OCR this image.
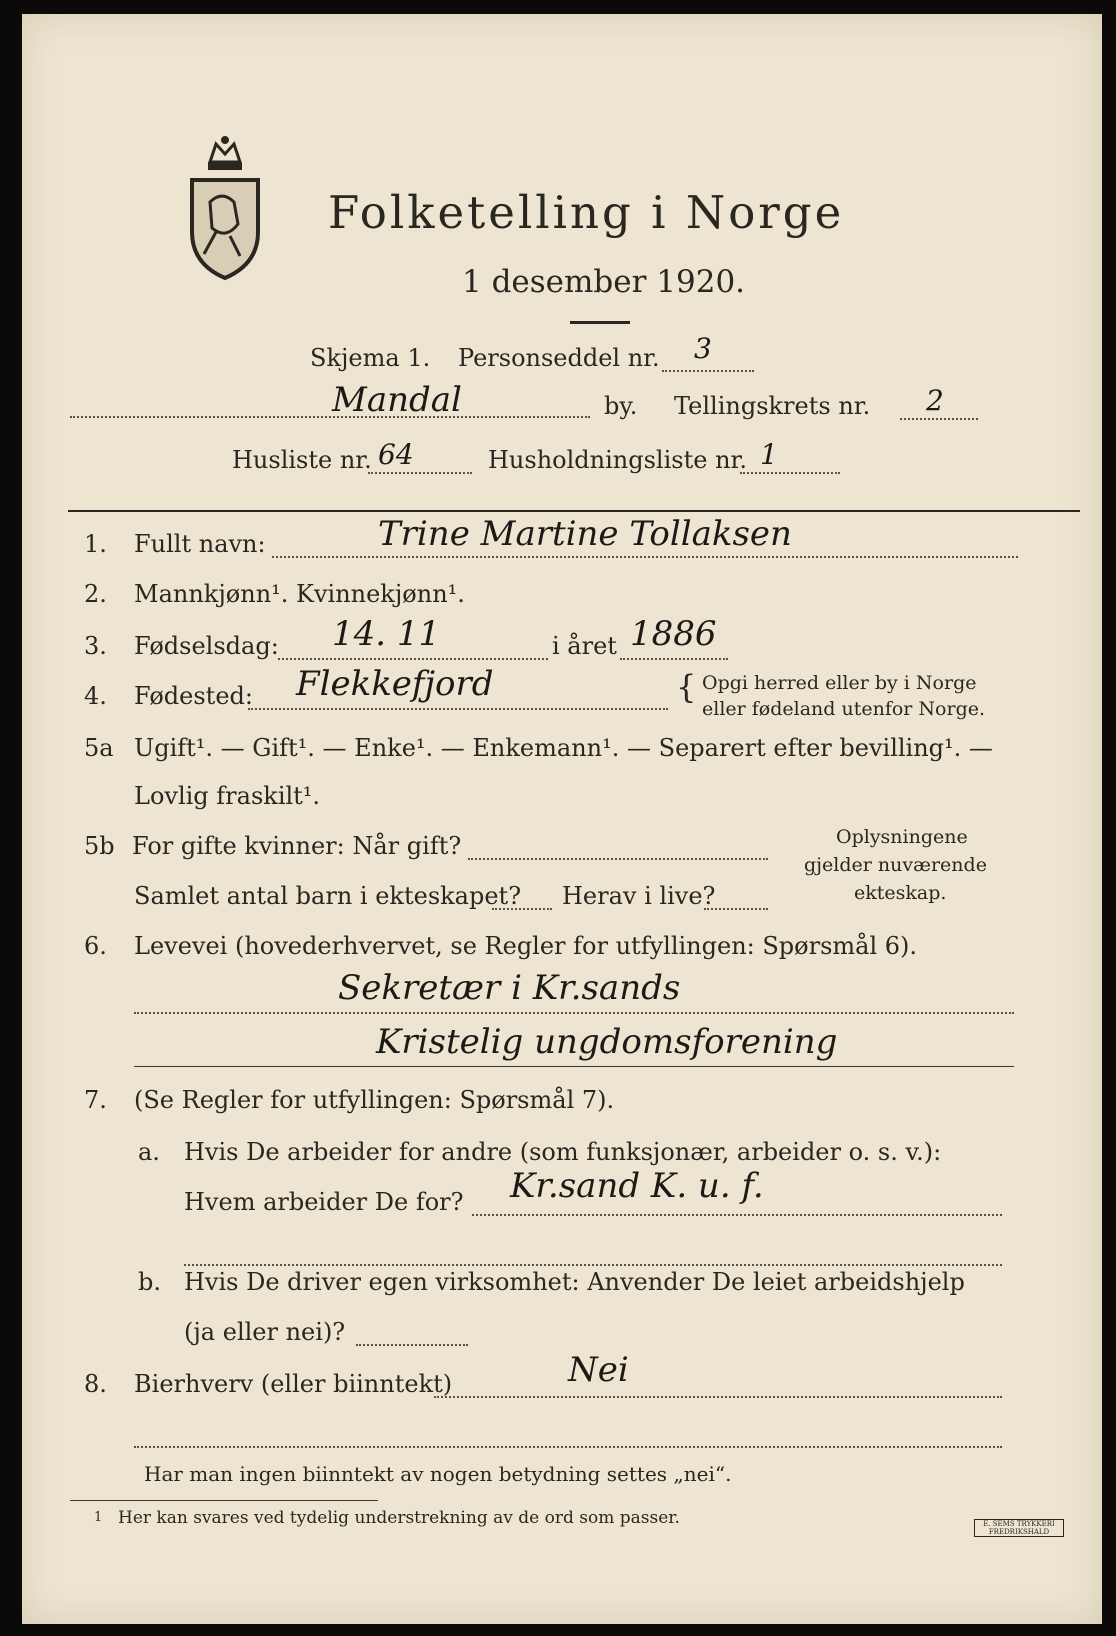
Folketelling i Norge
1 desember 1920.
Skjema 1. Personseddel nr. 3
Mandal	by. Tellingskrets nr. 2
Husliste nr. 64	Husholdningsliste nr. 1
1. Fullt navn:	Trine Martine Tollaksen
2. Mannkjønn¹. Kvinnekjønn¹.
3. Fødselsdag: 14. 11	i året 1886
4. Fødested: Flekkefjord	{ Opgi herred eller by i Norge
eller fødeland utenfor Norge.
5a Ugift¹. — Gift¹. — Enke¹. — Enkemann¹. — Separert efter bevilling¹. —
Lovlig fraskilt¹.
5b For gifte kvinner: Når gift?
Samlet antal barn i ekteskapet? Herav i live?
Oplysningene
gjelder nuværende
ekteskap.
6. Levevei (hovederhvervet, se Regler for utfyllingen: Spørsmål 6).
Sekretær i Kr.sands
Kristelig ungdomsforening
7. (Se Regler for utfyllingen: Spørsmål 7).
a. Hvis De arbeider for andre (som funksjonær, arbeider o. s. v.):
Hvem arbeider De for? Kr.sand K. u. f.
b. Hvis De driver egen virksomhet: Anvender De leiet arbeidshjelp
(ja eller nei)?
8. Bierhverv (eller biinntekt)	Nei
Har man ingen biinntekt av nogen betydning settes „nei“.
1 Her kan svares ved tydelig understrekning av de ord som passer.	E. SEMS TRYKKERI
FREDRIKSHALD
